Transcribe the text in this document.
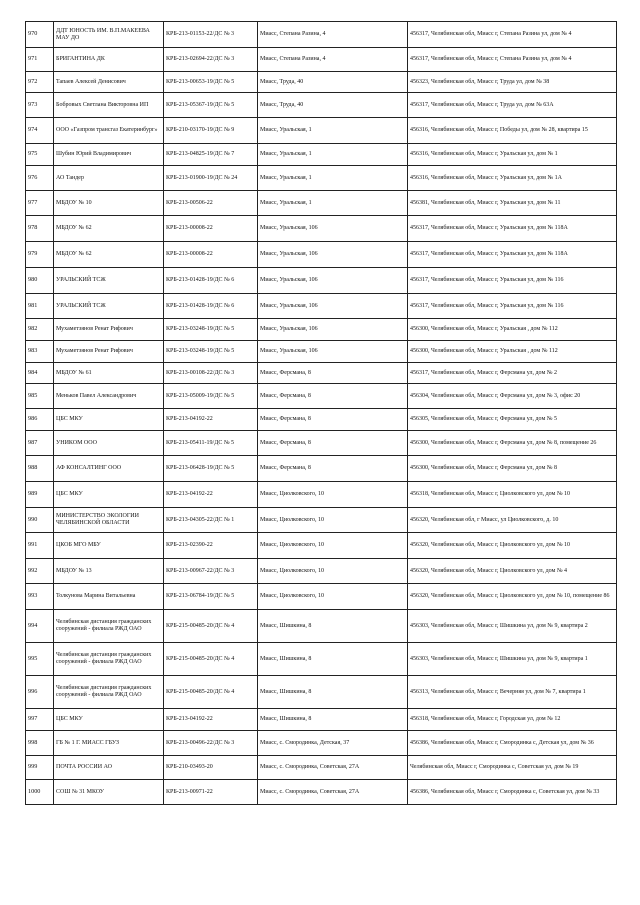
970	ДДТ ЮНОСТЬ ИМ. В.П.МАКЕЕВА МАУ ДО	КРБ-213-01153-22/ДС № 3	Миасс, Степана Разина, 4	456317, Челябинская обл, Миасс г, Степана Разина ул, дом № 4
971	БРИГАНТИНА ДК	КРБ-213-02694-22/ДС № 3	Миасс, Степана Разина, 4	456317, Челябинская обл, Миасс г, Степана Разина ул, дом № 4
972	Тапаев Алексей Денисович	КРБ-213-00653-19/ДС № 5	Миасс, Труда, 40	456323, Челябинская обл, Миасс г, Труда ул, дом № 38
973	Бобровых Светлана Викторовна ИП	КРБ-213-05367-19/ДС № 5	Миасс, Труда, 40	456317, Челябинская обл, Миасс г, Труда ул, дом № 63А
974	ООО «Газпром трансгаз Екатеринбург»	КРБ-210-03170-19/ДС № 9	Миасс, Уральская, 1	456316, Челябинская обл, Миасс г, Победы ул, дом № 28, квартира 15
975	Шубин Юрий Владимирович	КРБ-213-04825-19/ДС № 7	Миасс, Уральская, 1	456316, Челябинская обл, Миасс г, Уральская ул, дом № 1
976	АО Тандер	КРБ-213-01900-19/ДС № 24	Миасс, Уральская, 1	456316, Челябинская обл, Миасс г, Уральская ул, дом № 1А
977	МБДОУ № 10	КРБ-213-00506-22	Миасс, Уральская, 1	456381, Челябинская обл, Миасс г, Уральская ул, дом № 11
978	МБДОУ № 62	КРБ-213-00008-22	Миасс, Уральская, 106	456317, Челябинская обл, Миасс г, Уральская ул, дом № 118А
979	МБДОУ № 62	КРБ-213-00008-22	Миасс, Уральская, 106	456317, Челябинская обл, Миасс г, Уральская ул, дом № 118А
980	УРАЛЬСКИЙ ТСЖ	КРБ-213-01428-19/ДС № 6	Миасс, Уральская, 106	456317, Челябинская обл, Миасс г, Уральская ул, дом № 116
981	УРАЛЬСКИЙ ТСЖ	КРБ-213-01428-19/ДС № 6	Миасс, Уральская, 106	456317, Челябинская обл, Миасс г, Уральская ул, дом № 116
982	Мухаметзянов Ренат Рифович	КРБ-213-03248-19/ДС № 5	Миасс, Уральская, 106	456300, Челябинская обл, Миасс г, Уральская , дом № 112
983	Мухаметзянов Ренат Рифович	КРБ-213-03248-19/ДС № 5	Миасс, Уральская, 106	456300, Челябинская обл, Миасс г, Уральская , дом № 112
984	МБДОУ № 61	КРБ-213-00108-22/ДС № 3	Миасс, Ферсмана, 8	456317, Челябинская обл, Миасс г, Ферсмана ул, дом № 2
985	Меньков Павел Александрович	КРБ-213-05009-19/ДС № 5	Миасс, Ферсмана, 8	456304, Челябинская обл, Миасс г, Ферсмана ул, дом № 3, офис 20
986	ЦБС МКУ	КРБ-213-04192-22	Миасс, Ферсмана, 8	456305, Челябинская обл, Миасс г, Ферсмана ул, дом № 5
987	УНИКОМ ООО	КРБ-213-05411-19/ДС № 5	Миасс, Ферсмана, 8	456300, Челябинская обл, Миасс г, Ферсмана ул, дом № 8, помещение 26
988	АФ КОНСАЛТИНГ ООО	КРБ-213-06428-19/ДС № 5	Миасс, Ферсмана, 8	456300, Челябинская обл, Миасс г, Ферсмана ул, дом № 8
989	ЦБС МКУ	КРБ-213-04192-22	Миасс, Циолковского, 10	456318, Челябинская обл, Миасс г, Циолковского ул, дом № 10
990	МИНИСТЕРСТВО ЭКОЛОГИИ ЧЕЛЯБИНСКОЙ ОБЛАСТИ	КРБ-213-04305-22/ДС № 1	Миасс, Циолковского, 10	456320, Челябинская обл, г Миасс, ул Циолковского, д. 10
991	ЦКОБ МГО МБУ	КРБ-213-02390-22	Миасс, Циолковского, 10	456320, Челябинская обл, Миасс г, Циолковского ул, дом № 10
992	МБДОУ № 13	КРБ-213-00967-22/ДС № 3	Миасс, Циолковского, 10	456320, Челябинская обл, Миасс г, Циолковского ул, дом № 4
993	Толкунова Марина Витальевна	КРБ-213-06784-19/ДС № 5	Миасс, Циолковского, 10	456320, Челябинская обл, Миасс г, Циолковского ул, дом № 10, помещение 86
994	Челябинская дистанция гражданских сооружений - филиала РЖД ОАО	КРБ-215-00485-20/ДС № 4	Миасс, Шишкина, 8	456303, Челябинская обл, Миасс г, Шишкина ул, дом № 9, квартира 2
995	Челябинская дистанция гражданских сооружений - филиала РЖД ОАО	КРБ-215-00485-20/ДС № 4	Миасс, Шишкина, 8	456303, Челябинская обл, Миасс г, Шишкина ул, дом № 9, квартира 1
996	Челябинская дистанция гражданских сооружений - филиала РЖД ОАО	КРБ-215-00485-20/ДС № 4	Миасс, Шишкина, 8	456313, Челябинская обл, Миасс г, Вечерняя ул, дом № 7, квартира 1
997	ЦБС МКУ	КРБ-213-04192-22	Миасс, Шишкина, 8	456318, Челябинская обл, Миасс г, Городская ул, дом № 12
998	ГБ № 1 Г. МИАСС ГБУЗ	КРБ-213-00496-22/ДС № 3	Миасс, с. Смородинка, Детская, 37	456386, Челябинская обл, Миасс г, Смородинка с, Детская ул, дом № 36
999	ПОЧТА РОССИИ АО	КРБ-210-03493-20	Миасс, с. Смородинка, Советская, 27А	Челябинская обл, Миасс г, Смородинка с, Советская ул, дом № 19
1000	СОШ № 31 МКОУ	КРБ-213-00971-22	Миасс, с. Смородинка, Советская, 27А	456386, Челябинская обл, Миасс г, Смородинка с, Советская ул, дом № 33
